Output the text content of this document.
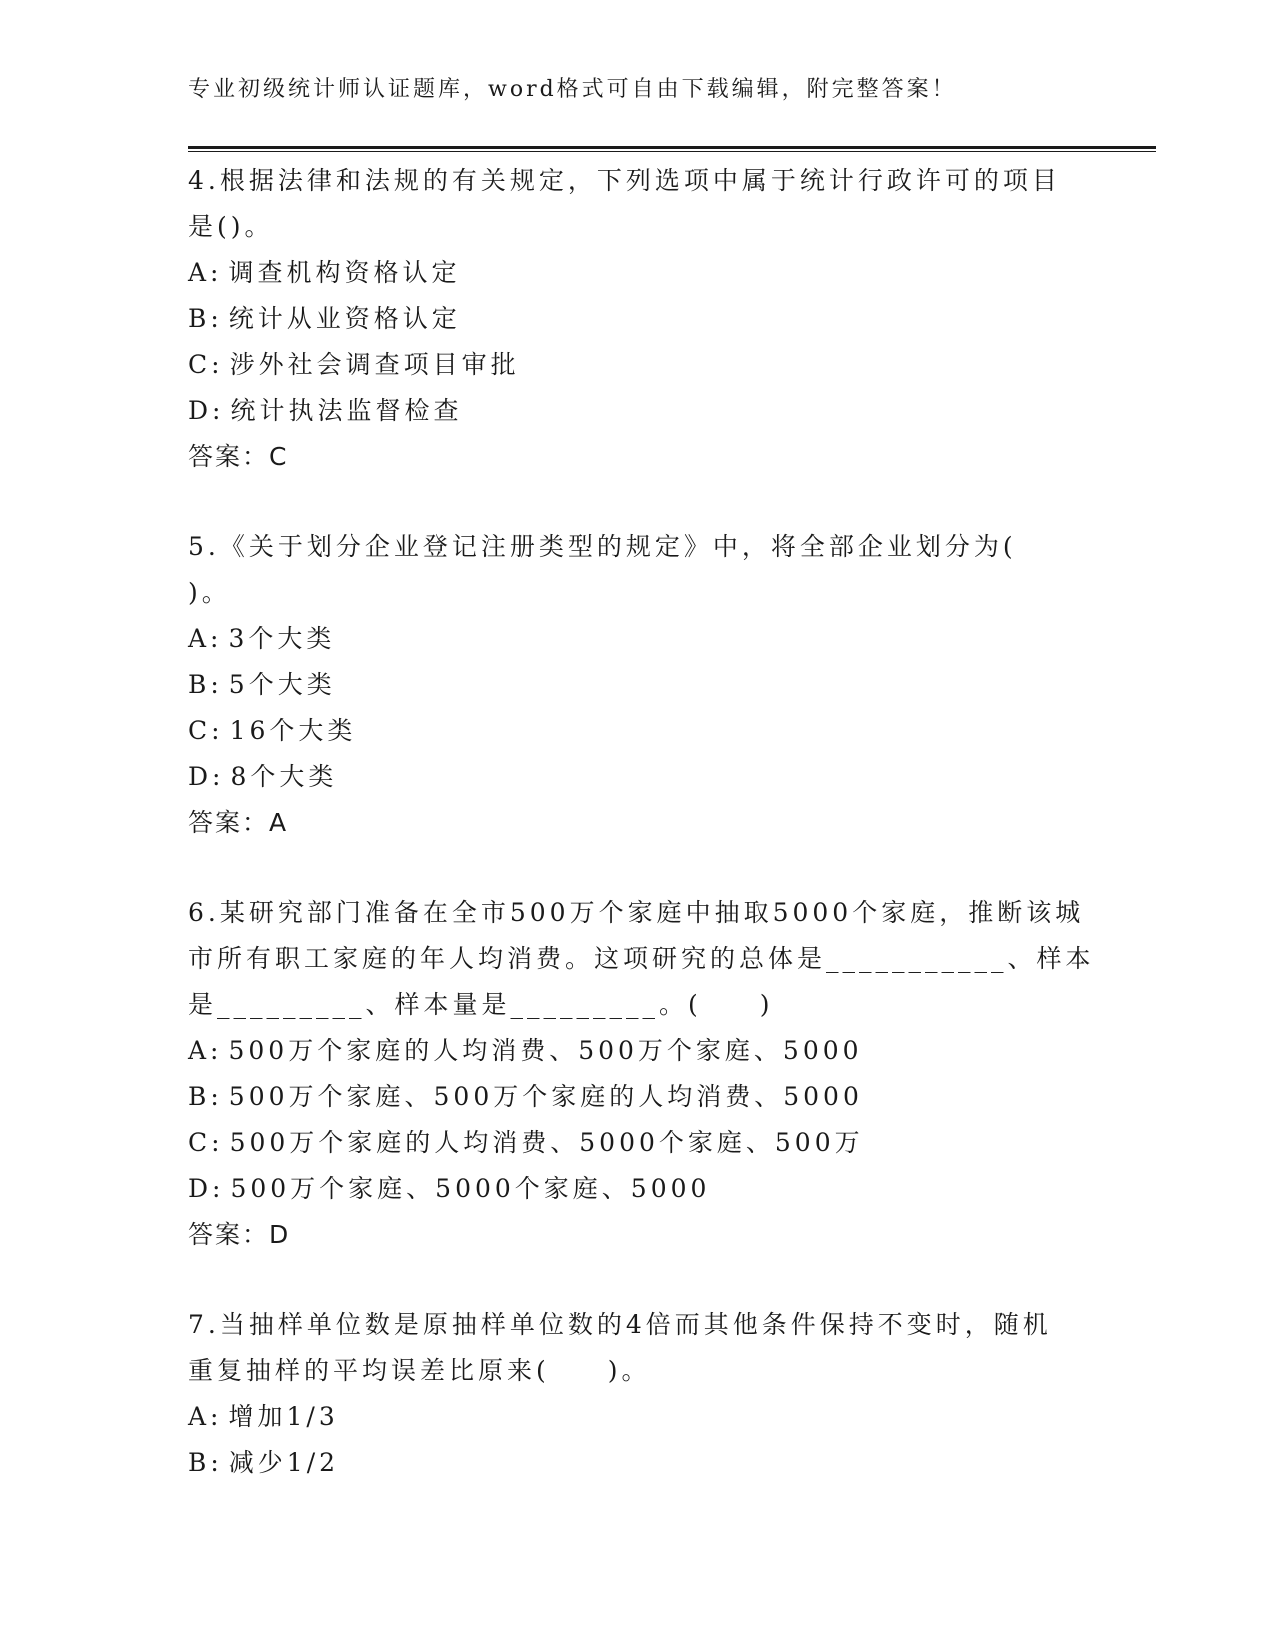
专业初级统计师认证题库，word格式可自由下载编辑，附完整答案！
4.根据法律和法规的有关规定，下列选项中属于统计行政许可的项目
是()。
A: 调查机构资格认定
B: 统计从业资格认定
C: 涉外社会调查项目审批
D: 统计执法监督检查
答案：C
5.《关于划分企业登记注册类型的规定》中，将全部企业划分为(
)。
A: 3个大类
B: 5个大类
C: 16个大类
D: 8个大类
答案：A
6.某研究部门准备在全市500万个家庭中抽取5000个家庭，推断该城
市所有职工家庭的年人均消费。这项研究的总体是___________、样本
是_________、样本量是_________。(　　)
A: 500万个家庭的人均消费、500万个家庭、5000
B: 500万个家庭、500万个家庭的人均消费、5000
C: 500万个家庭的人均消费、5000个家庭、500万
D: 500万个家庭、5000个家庭、5000
答案：D
7.当抽样单位数是原抽样单位数的4倍而其他条件保持不变时，随机
重复抽样的平均误差比原来(　　)。
A: 增加1/3
B: 减少1/2
